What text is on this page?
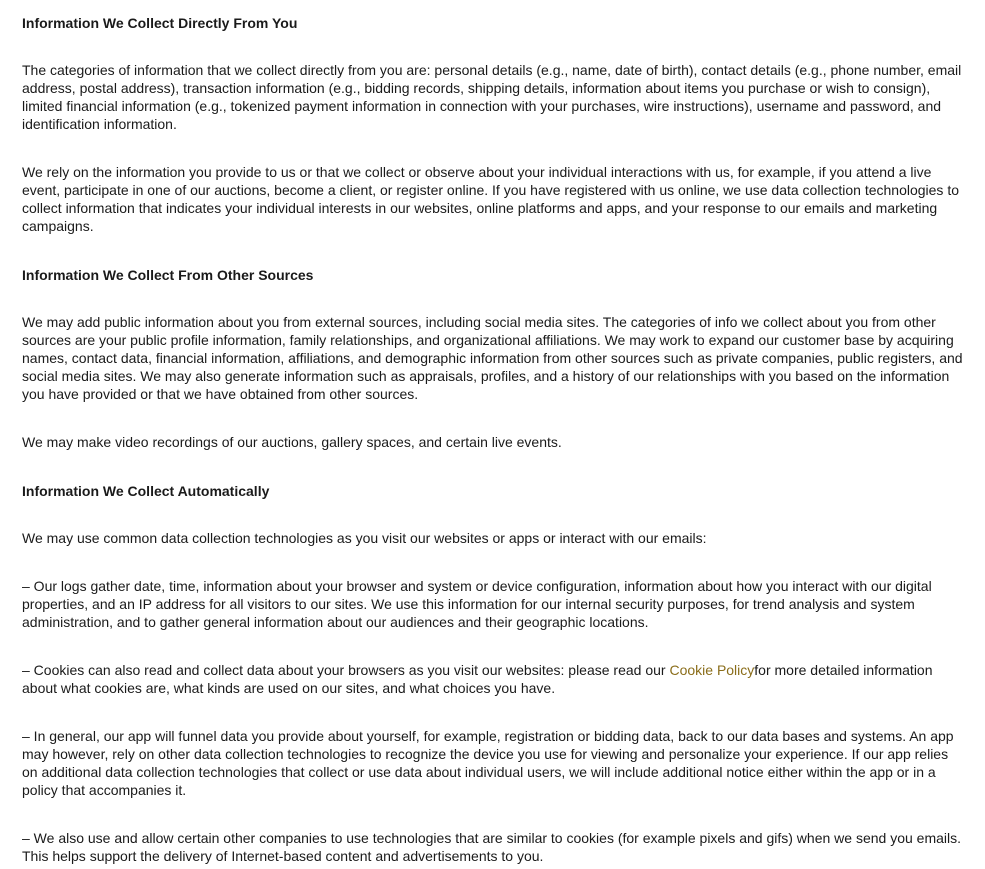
Information We Collect Directly From You
The categories of information that we collect directly from you are: personal details (e.g., name, date of birth), contact details (e.g., phone number, email address, postal address), transaction information (e.g., bidding records, shipping details, information about items you purchase or wish to consign), limited financial information (e.g., tokenized payment information in connection with your purchases, wire instructions), username and password, and identification information.
We rely on the information you provide to us or that we collect or observe about your individual interactions with us, for example, if you attend a live event, participate in one of our auctions, become a client, or register online. If you have registered with us online, we use data collection technologies to collect information that indicates your individual interests in our websites, online platforms and apps, and your response to our emails and marketing campaigns.
Information We Collect From Other Sources
We may add public information about you from external sources, including social media sites. The categories of info we collect about you from other sources are your public profile information, family relationships, and organizational affiliations. We may work to expand our customer base by acquiring names, contact data, financial information, affiliations, and demographic information from other sources such as private companies, public registers, and social media sites. We may also generate information such as appraisals, profiles, and a history of our relationships with you based on the information you have provided or that we have obtained from other sources.
We may make video recordings of our auctions, gallery spaces, and certain live events.
Information We Collect Automatically
We may use common data collection technologies as you visit our websites or apps or interact with our emails:
– Our logs gather date, time, information about your browser and system or device configuration, information about how you interact with our digital properties, and an IP address for all visitors to our sites. We use this information for our internal security purposes, for trend analysis and system administration, and to gather general information about our audiences and their geographic locations.
– Cookies can also read and collect data about your browsers as you visit our websites: please read our Cookie Policyfor more detailed information about what cookies are, what kinds are used on our sites, and what choices you have.
– In general, our app will funnel data you provide about yourself, for example, registration or bidding data, back to our data bases and systems. An app may however, rely on other data collection technologies to recognize the device you use for viewing and personalize your experience. If our app relies on additional data collection technologies that collect or use data about individual users, we will include additional notice either within the app or in a policy that accompanies it.
– We also use and allow certain other companies to use technologies that are similar to cookies (for example pixels and gifs) when we send you emails. This helps support the delivery of Internet-based content and advertisements to you.
